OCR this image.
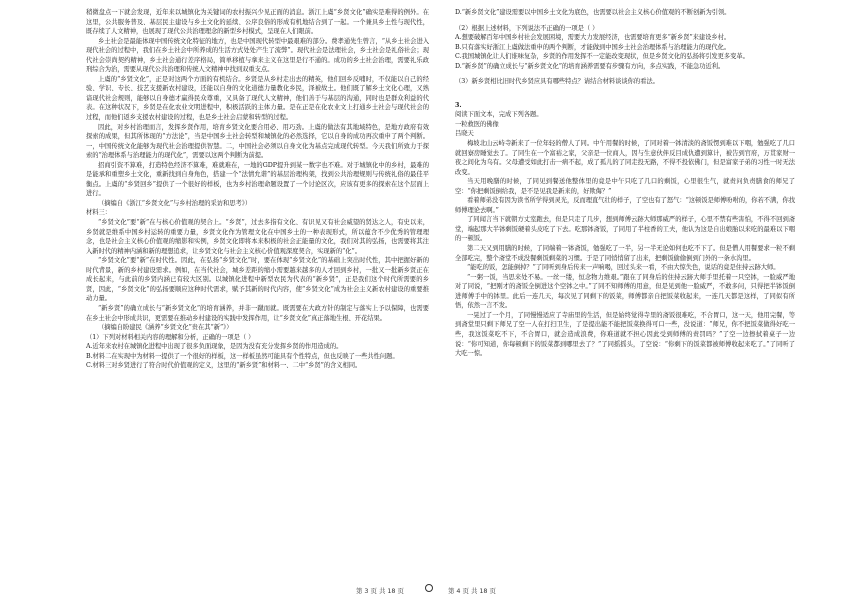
稍微盘点一下就会发现，近年来以城镇化为关键词的农村振兴少见正面的消息。浙江上虞“乡贤文化”确实是难得的例外。在这里，公共服务普及、基层民主建设与乡土文化的延续、公序良俗的形成有机地结合到了一起。一个兼具乡土性与现代性，既存续了人文精神，也展现了现代公共治理理念的新型乡村模式，呈现在人们眼前。

乡土社会是最能体现中国传统文化特征的地方，也是中国现代转型中最艰难的部分。费孝通先生曾言，“从乡土社会进入现代社会的过程中，我们在乡土社会中所养成的生活方式处处产生了流弊”。现代社会是法理社会，乡土社会是礼俗社会；现代社会崇尚契约精神，乡土社会通行差序格局，简单移植与拿来主义在这里是行不通的。成功的乡土社会治理，需要礼乐政刑综合为治，需要从现代公共治理和传统人文精神中找到双重支点。

上虞的“乡贤文化”，正是对这两个方面的有机结合。乡贤是从乡村走出去的精英，他们回乡反哺时，不仅能以自己的经验、学识、专长、技艺支援新农村建设，还能以自身的文化道德力量教化乡民，泽被故土。他们既了解乡土文化心理，又熟谙现代社会规则，能够以自身德才赢得民众尊重，又具备了现代人文精神，他们善于与基层的沟通，同时也是群众利益的代表。在这种状况下，乡贤是在化农业文明进程中，积极活跃的主体力量。是在正是在化农业文上打通乡土社会与现代社会的过程，而他们返乡支援农村建设的过程，也是乡土社会启蒙和转型的过程。

因此，对乡村治理而言，发挥乡贤作用，培育乡贤文化要合用必、用巧劲。上虞的做法有其地域特色，是地方政府有效探索的成果，但其所体现的“方法论”，当是中国乡土社会转型和城镇化的必然选择，它以自身的成功再次重申了两个判断。一，中国传统文化能够为现代社会治理提供智慧。二，中国社会必须以自身文化为基点完成现代转型。今天我们所致力于探索的“治理体系与治理能力的现代化”，需要以这两个判断为前提。

招商引资不算难，打造特色经济不算难，难就难在，一地的GDP提升到某一数字也不难。对于城镇化中的乡村，最难的是能承和重塑乡土文化，重新找到自身角色，搭建一个“法情允谐”的基层治理构架，找到公共治理规则与传统礼俗的最佳平衡点。上虞的“乡贤回乡”提供了一个很好的样板，也为乡村治理命题设置了一个讨论区次，应该有更多的探索在这个层面上进行。

（摘编自《浙江“乡贤文化”与乡村治理的采访和思考》）

材料三：

“乡贤文化”要“新”在与核心价值观的契合上。“乡贤”，过去多指有文化、有识见又有社会威望的贤达之人，有史以来，乡贤就是维系中国乡村运转的重要力量，乡贤文化作为管理文化在中国乡土的一种表现形式，所以蕴含不少优秀的管理理念，也是社会主义核心价值观的缩影和实例，乡贤文化即将本来积极的社会正能量的文化，我们对其的弘扬，也需要将其注入新时代的精神内涵和新的理想追求，让乡贤文化与社会主义核心价值观深度契合，实现新的“化”。

“乡贤文化”要“新”在时代性。因此，在弘扬“乡贤文化”时，要在体现“乡贤文化”的基础上突出时代性，其中把握好新的时代背景，新的乡村建设需求。例如，在当代社会，城乡差距的缩小需要越来越多的人才回到乡村，一批又一批新乡贤正在成长起来，与此前的乡贤内涵已有较大区别。以城镇化进程中新型农民为代表的“新乡贤”，正是我们这个时代所需要的乡贤，因此，“乡贤文化”的弘扬要顺应这种时代需求，赋予其新的时代内容，使“乡贤文化”成为社会主义新农村建设的重要推动力量。

“新乡贤”的确立成长与“新乡贤文化”的培育涵养，并非一蹴而就。既需要在大政方针的制定与落实上予以保障，也需要在乡土社会中形成共识，更需要在推动乡村建设的实践中发挥作用，让“乡贤文化”真正落地生根、开花结果。

（摘编自盼建民《涵养“乡贤文化”贵在其“新”》）

（1）下列对材料相关内容的理解和分析，正确的一项是（ ）

A.近年来农村在城镇化进程中出现了很多负面现象，是因为没有充分发挥乡贤的作用造成的。

B.材料二在实现中为材料一提供了一个很好的样板，这一样板虽然可能具有个性特点，但也反映了一些共性问题。

C.材料三对乡贤进行了符合时代价值观的定义，这里的“新乡贤”和材料一、二中“乡贤”的含义相同。

D.“新乡贤文化”建设需要以中国乡土文化为底色，也需要以社会主义核心价值观的不断创新为引领。

（2）根据上述材料，下列说法不正确的一项是（ ）

A.想要破解百年中国乡村社会发展困境，需要大力发展经济，也需要培育更多“新乡贤”来建设乡村。

B.只有落实好浙江上虞做法重申的两个判断，才能做到中国乡土社会治理体系与治理能力的现代化。

C.我国城镇化让人们谁味复杂，乡贤的作用发挥不一定能改变现状，但是乡贤文化的弘扬将引发更多变革。

D.“新乡贤”的确立成长与“新乡贤文化”的培育涵养需要有步骤有方向，多点实践，不能急功近利。

（3）新乡贤相比旧时代乡贤应具有哪些特点？请结合材料谈谈你的看法。

3.

阅读下面文本，完成下列各题。

一粒救医的佛像

吕晓天

梅坡北山云峙寺新来了一位年轻的僧人了同。中午用餐的时候，了同对着一钵清淡的斋饭愣到难以下咽，勉强吃了几口就回寮房睡觉去了。了同生在一个富裕之家，父亲是一位商人，因与生意伙伴反目成仇遭到算计，被告到官府，万贯家财一夜之间化为乌有。父母遭受如此打击一病不起，成了孤儿的了同走投无路，不得不投依佛门，但是富家子弟的习性一时无法改变。

当天用晚膳的时候，了同见到餐送他整体里的竟是中午只吃了几口的剩饭，心里很生气，就责问负责膳食的师兄了空：“你把剩饭倒给我，是不是见我是新来的，好欺侮？”

看着师弟没有因为读书所学得到灵光，反而理直气壮的样子，了空也有了怒气：“这顿饭是师傅吩咐的，你若不满，你找师傅理论去啊。”

了同闻言当下就朝方丈室跑去，但是只走了几步，想到师傅云跡大师那威严的样子，心里不禁有些害怕，不得不回到斋堂，端起那大半钵剩饭硬着头皮吃了下去。吃那钵斋饭，了同用了半柱香的工夫，他认为这是自出娘胎以来吃的最难以下咽的一顿饭。

第二天又到用膳的时候，了同端着一钵斋饭，勉强吃了一半，另一半无论如何也吃不下了。但是僧人用餐要求一粒不剩全部吃完，整个斋堂不成没餐剩饭剩菜的习惯。于是了同悄悄留了出来，把剩饭偷偷倒到门外的一条水沟里。

“能吃的饭，怎能倒掉？”了同听到身后传来一声响喝，回过头来一看，不由大惊失色，说话的竟是住持云跡大师。

“一粥一饭，当思来处不易。一丝一缕，恒念物力维艰。”跟在了同身后的住持云跡大师手里托着一只空钵，一脸威严地对了同说，“把刚才的斋饭全倒进这个空钵之中。”了同不知师傅的用意，但是见到他一脸威严，不敢多问，只得把半钵饭倒进师傅手中的钵里。此后一连几天，每次见了同剩下的饭菜，师傅都亲自把饭菜收起来，一连几天都是这样，了同似有所悟，依然一言不发。

一晃过了一个月，了同慢慢适应了寺庙里的生活，但是始终觉得寺里的斋饭很难吃，不合胃口，这一天，他用完餐，等到斋堂里只剩下师兄了空一人在打扫卫生，了是提出能不能把饭菜换得可口一些，没说道：“师兄，你不把饭菜做得好吃一些，我这饭菜吃不下，不合胃口，就会造成浪费，你难道就不担心因此受到师傅的责罚吗？”了空一边擦拭着桌子一边说：“你可知道，你每顿剩下的饭菜都到哪里去了？”了同摇摇头，了空说：“你剩下的饭菜都被师傅收起来吃了。”了同听了大吃一惊。

第 3 页 共 18 页	第 4 页 共 18 页
